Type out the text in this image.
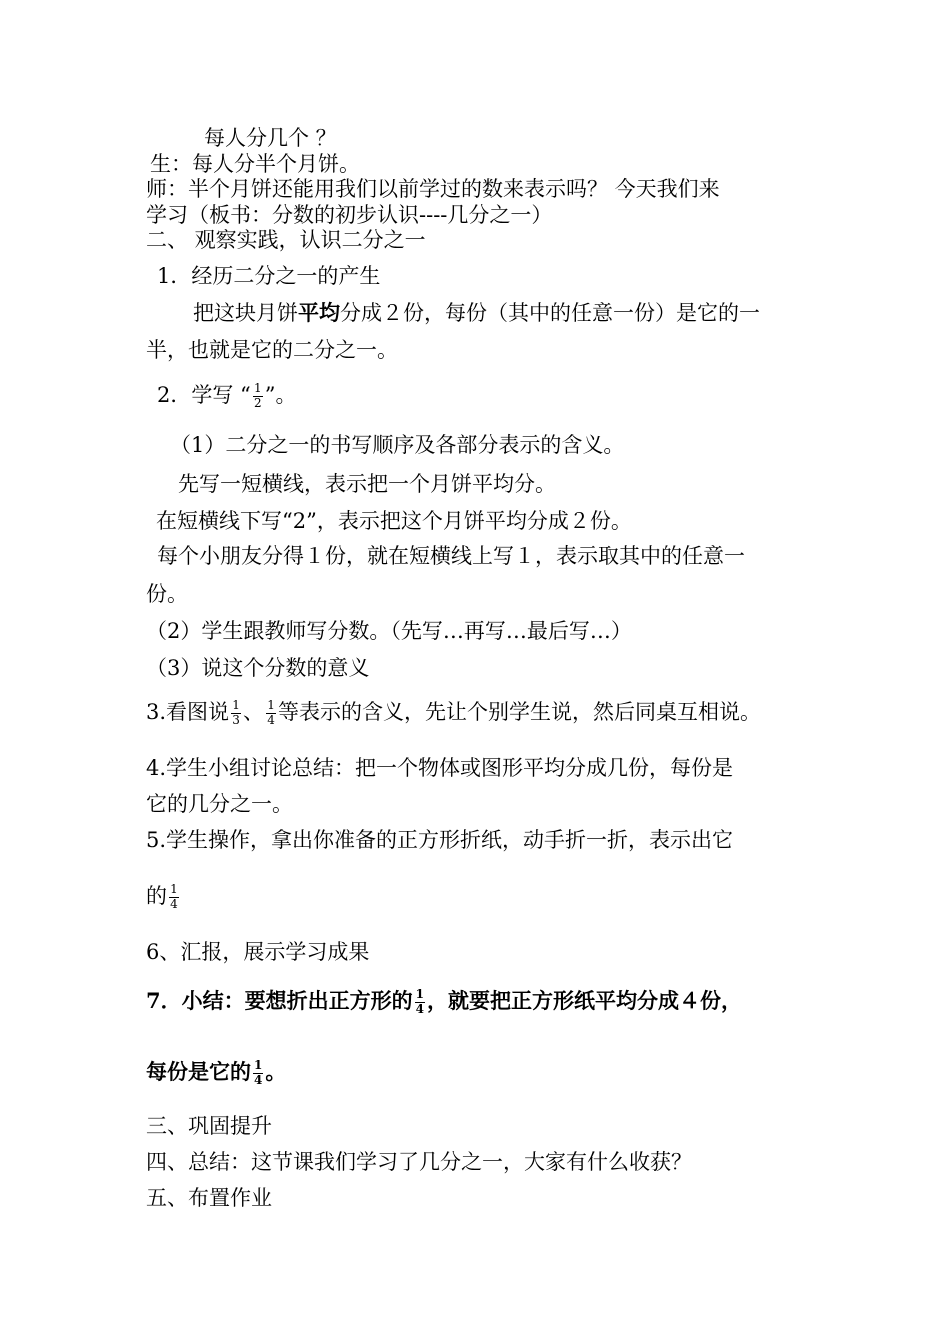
每人分几个 ？
生：每人分半个月饼。
师：半个月饼还能用我们以前学过的数来表示吗？ 今天我们来
学习（板书：分数的初步认识----几分之一）
二、 观察实践，认识二分之一
1．经历二分之一的产生
把这块月饼平均分成２份，每份（其中的任意一份）是它的一
半，也就是它的二分之一。
2．学写 “ $\frac{1}{2}$ ”。
（1）二分之一的书写顺序及各部分表示的含义。
先写一短横线，表示把一个月饼平均分。
在短横线下写“2”，表示把这个月饼平均分成２份。
每个小朋友分得１份，就在短横线上写１，表示取其中的任意一
份。
（2）学生跟教师写分数。（先写…再写…最后写…）
（3）说这个分数的意义
3.看图说 $\frac{1}{3}$ 、 $\frac{1}{4}$ 等表示的含义，先让个别学生说，然后同桌互相说。
4.学生小组讨论总结：把一个物体或图形平均分成几份，每份是
它的几分之一。
5.学生操作，拿出你准备的正方形折纸，动手折一折，表示出它
的 $\frac{1}{4}$
6、汇报，展示学习成果
7．小结：要想折出正方形的 $\frac{1}{4}$ ，就要把正方形纸平均分成４份，
每份是它的 $\frac{1}{4}$ 。
三、巩固提升
四、总结：这节课我们学习了几分之一，大家有什么收获？
五、布置作业
